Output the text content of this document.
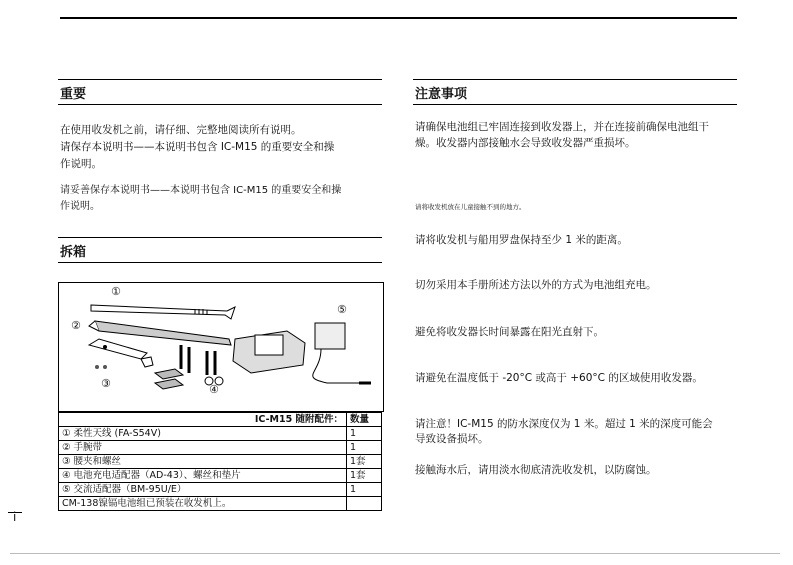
重要
在使用收发机之前，请仔细、完整地阅读所有说明。
请保存本说明书——本说明书包含 IC-M15 的重要安全和操
作说明。
请妥善保存本说明书——本说明书包含 IC-M15 的重要安全和操
作说明。
拆箱
①
②
③	④
⑤
IC-M15 随附配件：	数量
① 柔性天线 (FA-S54V)	1
② 手腕带	1
③ 腰夹和螺丝	1套
④ 电池充电适配器（AD-43）、螺丝和垫片	1套
⑤ 交流适配器（BM-95U/E）	1
CM-138镍镉电池组已预装在收发机上。	
注意事项
请确保电池组已牢固连接到收发器上，并在连接前确保电池组干
燥。收发器内部接触水会导致收发器严重损坏。
请将收发机放在儿童接触不到的地方。
请将收发机与船用罗盘保持至少 1 米的距离。
切勿采用本手册所述方法以外的方式为电池组充电。
避免将收发器长时间暴露在阳光直射下。
请避免在温度低于 -20°C 或高于 +60°C 的区域使用收发器。
请注意！IC-M15 的防水深度仅为 1 米。超过 1 米的深度可能会
导致设备损坏。
接触海水后，请用淡水彻底清洗收发机，以防腐蚀。
i
